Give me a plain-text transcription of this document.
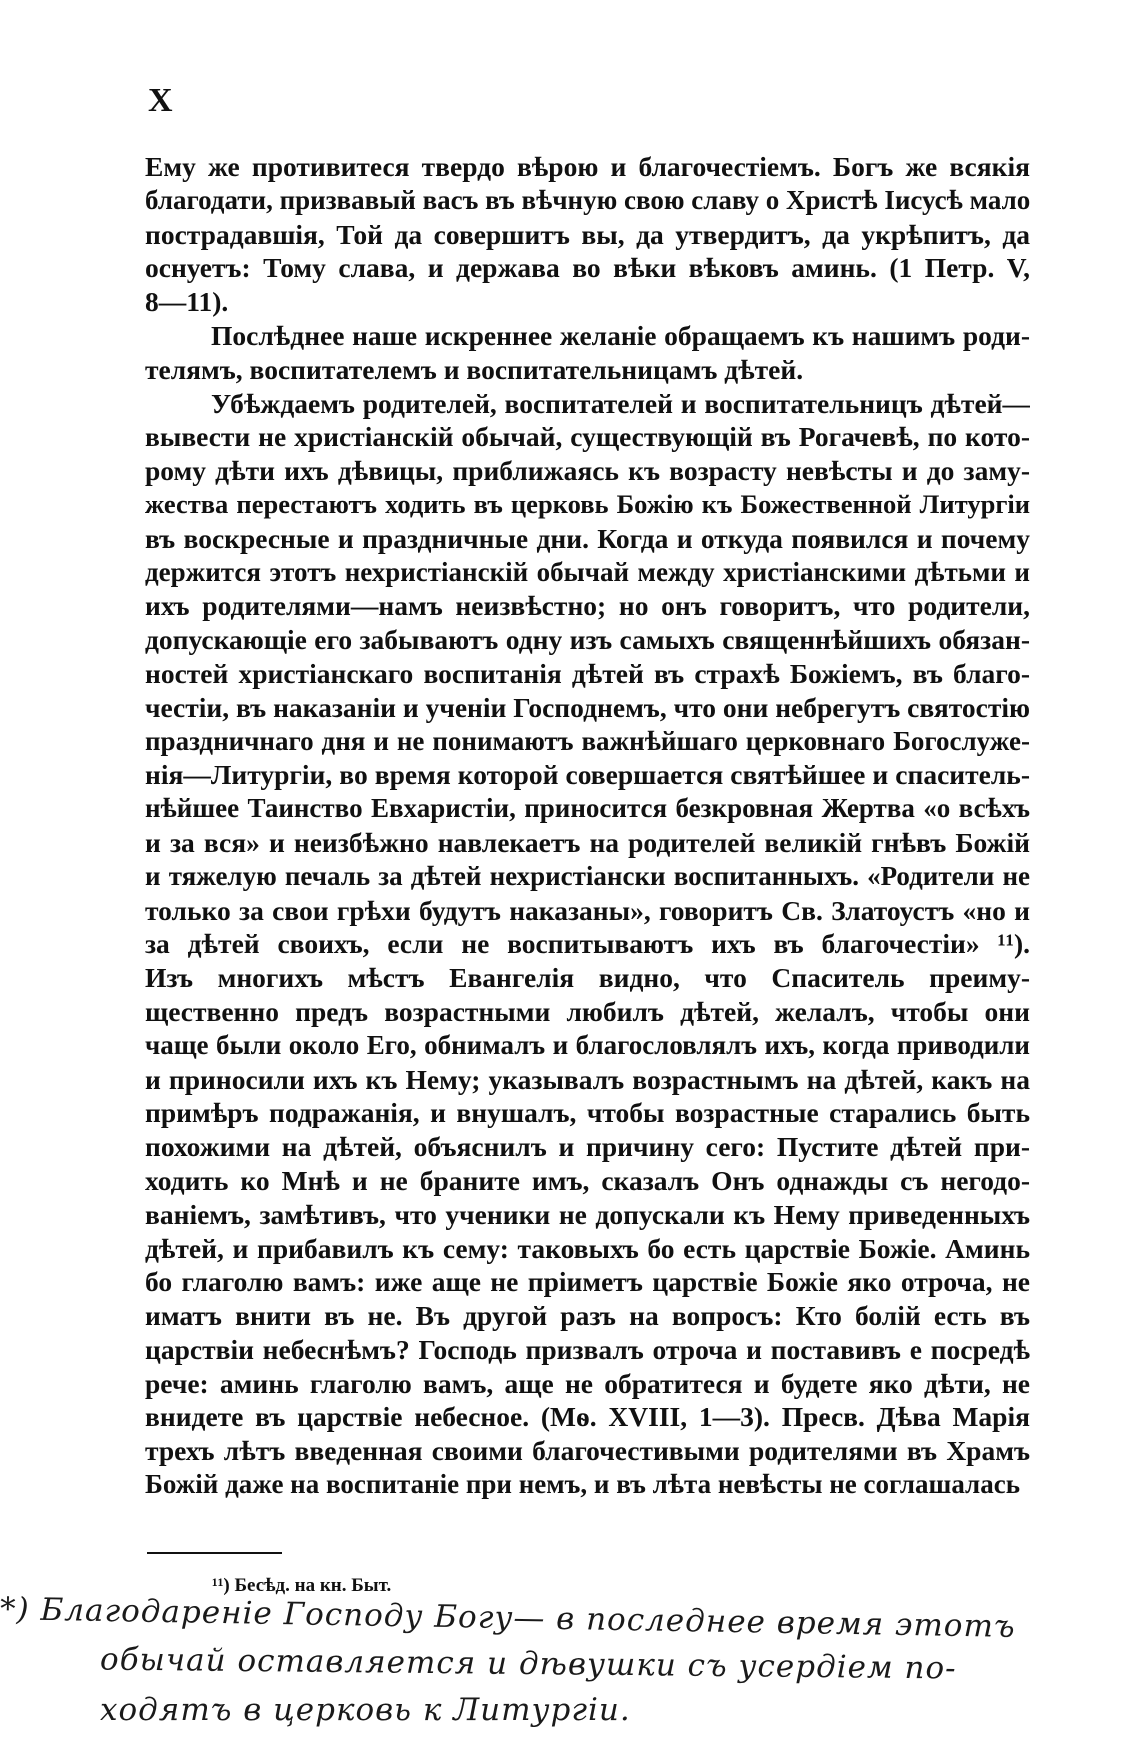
X
Ему же противитеся твердо вѣрою и благочестіемъ. Богъ же всякія
благодати, призвавый васъ въ вѣчную свою славу о Христѣ Іисусѣ мало
пострадавшія, Той да совершитъ вы, да утвердитъ, да укрѣпитъ, да
оснуетъ: Тому слава, и держава во вѣки вѣковъ аминь. (1 Петр. V,
8—11).
Послѣднее наше искреннее желаніе обращаемъ къ нашимъ роди-
телямъ, воспитателемъ и воспитательницамъ дѣтей.
Убѣждаемъ родителей, воспитателей и воспитательницъ дѣтей—
вывести не христіанскій обычай, существующій въ Рогачевѣ, по кото-
рому дѣти ихъ дѣвицы, приближаясь къ возрасту невѣсты и до заму-
жества перестаютъ ходить въ церковь Божію къ Божественной Литургіи
въ воскресные и праздничные дни. Когда и откуда появился и почему
держится этотъ нехристіанскій обычай между христіанскими дѣтьми и
ихъ родителями—намъ неизвѣстно; но онъ говоритъ, что родители,
допускающіе его забываютъ одну изъ самыхъ священнѣйшихъ обязан-
ностей христіанскаго воспитанія дѣтей въ страхѣ Божіемъ, въ благо-
честіи, въ наказаніи и ученіи Господнемъ, что они небрегутъ святостію
праздничнаго дня и не понимаютъ важнѣйшаго церковнаго Богослуже-
нія—Литургіи, во время которой совершается святѣйшее и спаситель-
нѣйшее Таинство Евхаристіи, приносится безкровная Жертва «о всѣхъ
и за вся» и неизбѣжно навлекаетъ на родителей великій гнѣвъ Божій
и тяжелую печаль за дѣтей нехристіански воспитанныхъ. «Родители не
только за свои грѣхи будутъ наказаны», говоритъ Св. Златоустъ «но и
за дѣтей своихъ, если не воспитываютъ ихъ въ благочестіи» ¹¹).
Изъ многихъ мѣстъ Евангелія видно, что Спаситель преиму-
щественно предъ возрастными любилъ дѣтей, желалъ, чтобы они
чаще были около Его, обнималъ и благословлялъ ихъ, когда приводили
и приносили ихъ къ Нему; указывалъ возрастнымъ на дѣтей, какъ на
примѣръ подражанія, и внушалъ, чтобы возрастные старались быть
похожими на дѣтей, объяснилъ и причину сего: Пустите дѣтей при-
ходить ко Мнѣ и не браните имъ, сказалъ Онъ однажды съ негодо-
ваніемъ, замѣтивъ, что ученики не допускали къ Нему приведенныхъ
дѣтей, и прибавилъ къ сему: таковыхъ бо есть царствіе Божіе. Аминь
бо глаголю вамъ: иже аще не пріиметъ царствіе Божіе яко отроча, не
иматъ внити въ не. Въ другой разъ на вопросъ: Кто болій есть въ
царствіи небеснѣмъ? Господь призвалъ отроча и поставивъ е посредѣ
рече: аминь глаголю вамъ, аще не обратитеся и будете яко дѣти, не
внидете въ царствіе небесное. (Мѳ. XVIII, 1—3). Пресв. Дѣва Марія
трехъ лѣтъ введенная своими благочестивыми родителями въ Храмъ
Божій даже на воспитаніе при немъ, и въ лѣта невѣсты не соглашалась
¹¹) Бесѣд. на кн. Быт.
*) Благодареніе Господу Богу— в последнее время этотъ
обычай оставляется и дѣвушки съ усердіем по-
ходятъ в церковь к Литургіи.
